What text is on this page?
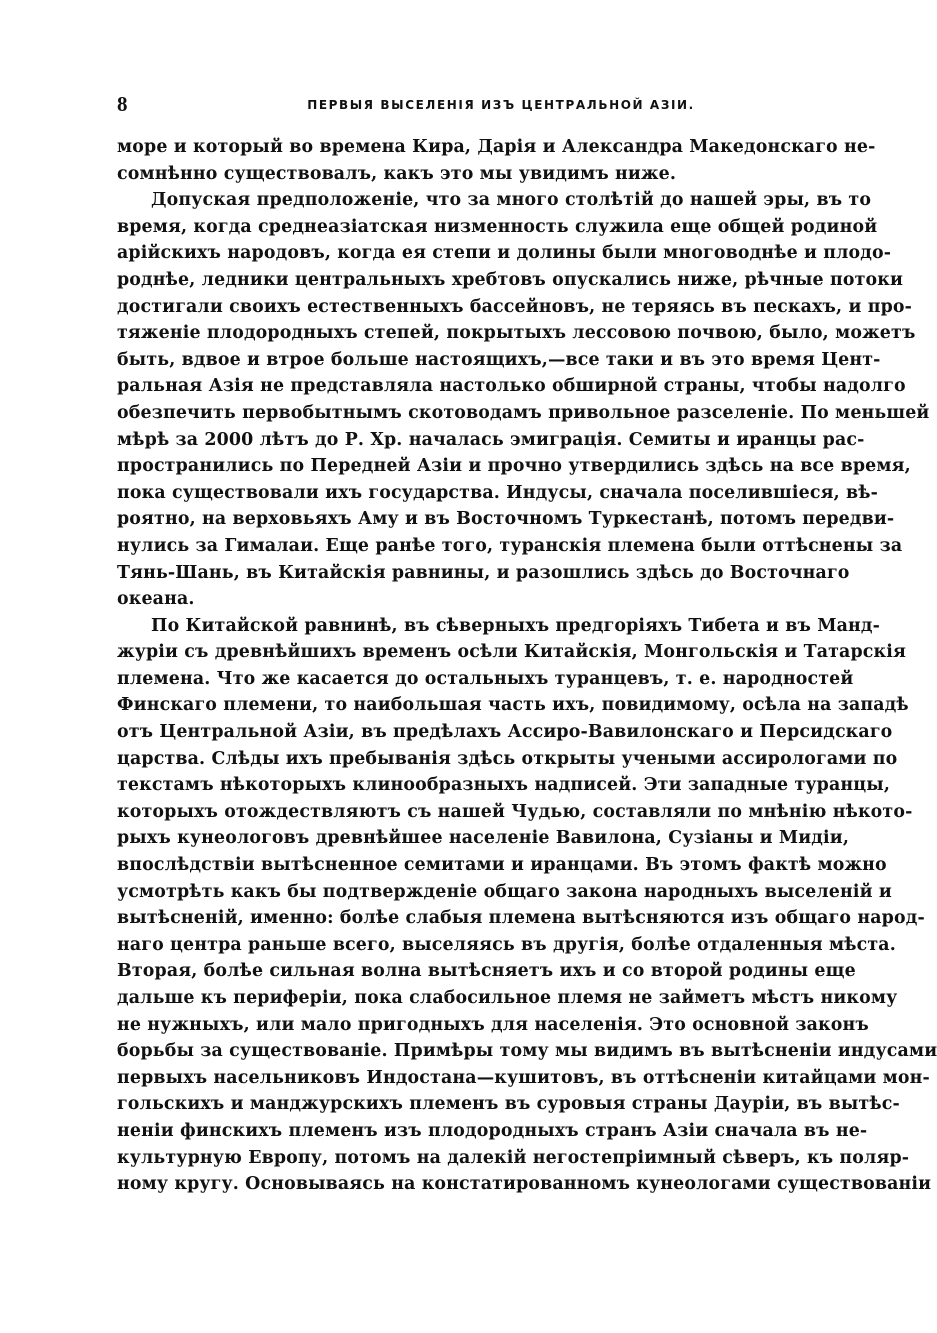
8	ПЕРВЫЯ ВЫСЕЛЕНІЯ ИЗЪ ЦЕНТРАЛЬНОЙ АЗІИ.
море и который во времена Кира, Дарія и Александра Македонскаго не-
сомнѣнно существовалъ, какъ это мы увидимъ ниже.
Допуская предположеніе, что за много столѣтій до нашей эры, въ то
время, когда среднеазіатская низменность служила еще общей родиной
арійскихъ народовъ, когда ея степи и долины были многоводнѣе и плодо-
роднѣе, ледники центральныхъ хребтовъ опускались ниже, рѣчные потоки
достигали своихъ естественныхъ бассейновъ, не теряясь въ пескахъ, и про-
тяженіе плодородныхъ степей, покрытыхъ лессовою почвою, было, можетъ
быть, вдвое и втрое больше настоящихъ,—все таки и въ это время Цент-
ральная Азія не представляла настолько обширной страны, чтобы надолго
обезпечить первобытнымъ скотоводамъ привольное разселеніе. По меньшей
мѣрѣ за 2000 лѣтъ до Р. Хр. началась эмиграція. Семиты и иранцы рас-
пространились по Передней Азіи и прочно утвердились здѣсь на все время,
пока существовали ихъ государства. Индусы, сначала поселившіеся, вѣ-
роятно, на верховьяхъ Аму и въ Восточномъ Туркестанѣ, потомъ передви-
нулись за Гималаи. Еще ранѣе того, туранскія племена были оттѣснены за
Тянь-Шань, въ Китайскія равнины, и разошлись здѣсь до Восточнаго
океана.
По Китайской равнинѣ, въ сѣверныхъ предгоріяхъ Тибета и въ Манд-
журіи съ древнѣйшихъ временъ осѣли Китайскія, Монгольскія и Татарскія
племена. Что же касается до остальныхъ туранцевъ, т. е. народностей
Финскаго племени, то наибольшая часть ихъ, повидимому, осѣла на западѣ
отъ Центральной Азіи, въ предѣлахъ Ассиро-Вавилонскаго и Персидскаго
царства. Слѣды ихъ пребыванія здѣсь открыты учеными ассирологами по
текстамъ нѣкоторыхъ клинообразныхъ надписей. Эти западные туранцы,
которыхъ отождествляютъ съ нашей Чудью, составляли по мнѣнію нѣкото-
рыхъ кунеологовъ древнѣйшее населеніе Вавилона, Сузіаны и Мидіи,
впослѣдствіи вытѣсненное семитами и иранцами. Въ этомъ фактѣ можно
усмотрѣть какъ бы подтвержденіе общаго закона народныхъ выселеній и
вытѣсненій, именно: болѣе слабыя племена вытѣсняются изъ общаго народ-
наго центра раньше всего, выселяясь въ другія, болѣе отдаленныя мѣста.
Вторая, болѣе сильная волна вытѣсняетъ ихъ и со второй родины еще
дальше къ периферіи, пока слабосильное племя не займетъ мѣстъ никому
не нужныхъ, или мало пригодныхъ для населенія. Это основной законъ
борьбы за существованіе. Примѣры тому мы видимъ въ вытѣсненіи индусами
первыхъ насельниковъ Индостана—кушитовъ, въ оттѣсненіи китайцами мон-
гольскихъ и манджурскихъ племенъ въ суровыя страны Дауріи, въ вытѣс-
неніи финскихъ племенъ изъ плодородныхъ странъ Азіи сначала въ не-
культурную Европу, потомъ на далекій негостепріимный сѣверъ, къ поляр-
ному кругу. Основываясь на констатированномъ кунеологами существованіи
